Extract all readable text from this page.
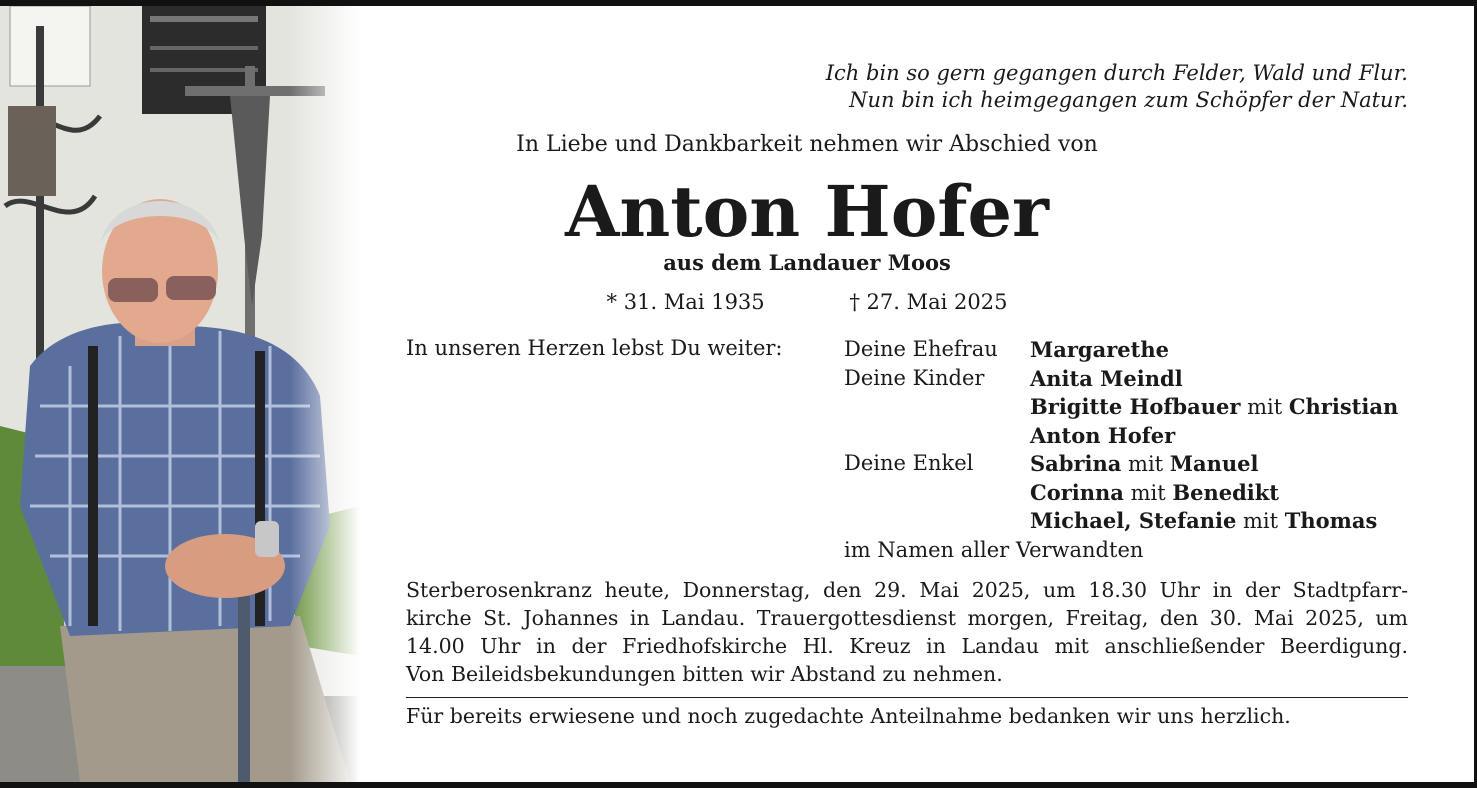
Ich bin so gern gegangen durch Felder, Wald und Flur.
Nun bin ich heimgegangen zum Schöpfer der Natur.
In Liebe und Dankbarkeit nehmen wir Abschied von
Anton Hofer
aus dem Landauer Moos
* 31. Mai 1935	† 27. Mai 2025
In unseren Herzen lebst Du weiter:	Deine Ehefrau	Margarethe
Deine Kinder	Anita Meindl
Brigitte Hofbauer mit Christian
Anton Hofer
Deine Enkel	Sabrina mit Manuel
Corinna mit Benedikt
Michael, Stefanie mit Thomas
im Namen aller Verwandten
Sterberosenkranz heute, Donnerstag, den 29. Mai 2025, um 18.30 Uhr in der Stadtpfarr-
kirche St. Johannes in Landau. Trauergottesdienst morgen, Freitag, den 30. Mai 2025, um
14.00 Uhr in der Friedhofskirche Hl. Kreuz in Landau mit anschließender Beerdigung.
Von Beileidsbekundungen bitten wir Abstand zu nehmen.
Für bereits erwiesene und noch zugedachte Anteilnahme bedanken wir uns herzlich.
